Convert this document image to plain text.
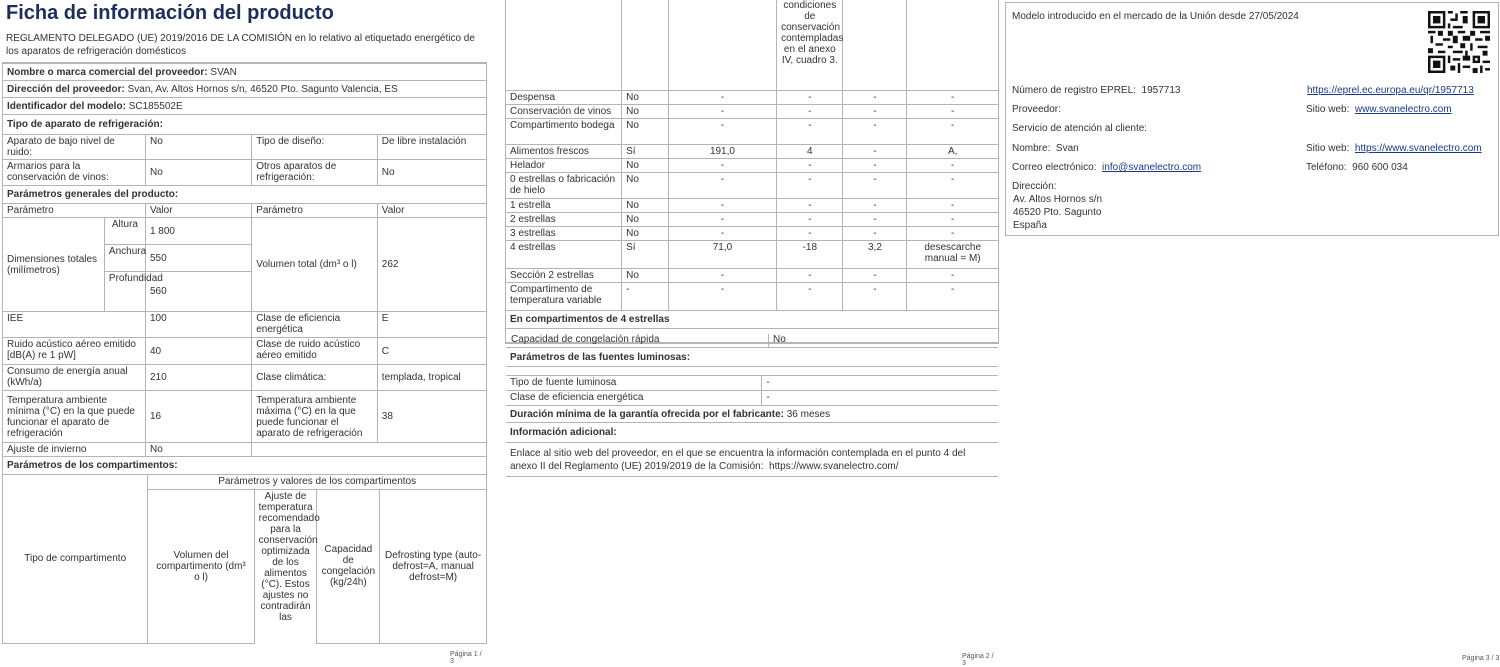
Ficha de información del producto
REGLAMENTO DELEGADO (UE) 2019/2016 DE LA COMISIÓN en lo relativo al etiquetado energético de los aparatos de refrigeración domésticos
Nombre o marca comercial del proveedor: SVAN				
Dirección del proveedor: Svan, Av. Altos Hornos s/n, 46520 Pto. Sagunto Valencia, ES				
Identificador del modelo: SC185502E				
Tipo de aparato de refrigeración:				
Aparato de bajo nivel de ruido:		No	Tipo de diseño:	De libre instalación
Armarios para la conservación de vinos:		No	Otros aparatos de refrigeración:	No
Parámetros generales del producto:				
Parámetro		Valor	Parámetro	Valor
Dimensiones totales (milímetros)	Altura	1 800	Volumen total (dm³ o l)	262
	Anchura	550		
	Profundidad	560		
IEE		100	Clase de eficiencia energética	E
Ruido acústico aéreo emitido [dB(A) re 1 pW]		40	Clase de ruido acústico aéreo emitido	C
Consumo de energía anual (kWh/a)		210	Clase climática:	templada, tropical
Temperatura ambiente mínima (°C) en la que puede funcionar el aparato de refrigeración		16	Temperatura ambiente máxima (°C) en la que puede funcionar el aparato de refrigeración	38
Ajuste de invierno		No		
Parámetros de los compartimentos:				
Tipo de compartimento	Parámetros y valores de los compartimentos			
	Volumen del compartimento (dm³ o l)	Ajuste de temperatura recomendado para la conservación optimizada de los alimentos (°C). Estos ajustes no contradirán las	Capacidad de congelación (kg/24h)	Defrosting type (auto-defrost=A, manual defrost=M)
Página 1 / 3
			condiciones de conservación contempladas en el anexo IV, cuadro 3.		
Despensa	No	-	-	-	-
Conservación de vinos	No	-	-	-	-
Compartimento bodega	No	-	-	-	-
Alimentos frescos	Sí	191,0	4	-	A,
Helador	No	-	-	-	-
0 estrellas o fabricación de hielo	No	-	-	-	-
1 estrella	No	-	-	-	-
2 estrellas	No	-	-	-	-
3 estrellas	No	-	-	-	-
4 estrellas	Sí	71,0	-18	3,2	desescarche manual = M)
Sección 2 estrellas	No	-	-	-	-
Compartimento de temperatura variable	-	-	-	-	-
En compartimentos de 4 estrellas					

Capacidad de congelación rápida	No
Parámetros de las fuentes luminosas:	

Tipo de fuente luminosa	-
Clase de eficiencia energética	-
Duración mínima de la garantía ofrecida por el fabricante: 36 meses	
Información adicional:	
Enlace al sitio web del proveedor, en el que se encuentra la información contemplada en el punto 4 del anexo II del Reglamento (UE) 2019/2019 de la Comisión: https://www.svanelectro.com/	
Página 2 / 3
Modelo introducido en el mercado de la Unión desde 27/05/2024
Número de registro EPREL: 1957713	https://eprel.ec.europa.eu/qr/1957713
Proveedor:	Sitio web: www.svanelectro.com
Servicio de atención al cliente:
Nombre: Svan	Sitio web: https://www.svanelectro.com
Correo electrónico: info@svanelectro.com	Teléfono: 960 600 034
Dirección:
Av. Altos Hornos s/n
46520 Pto. Sagunto
España
Página 3 / 3
